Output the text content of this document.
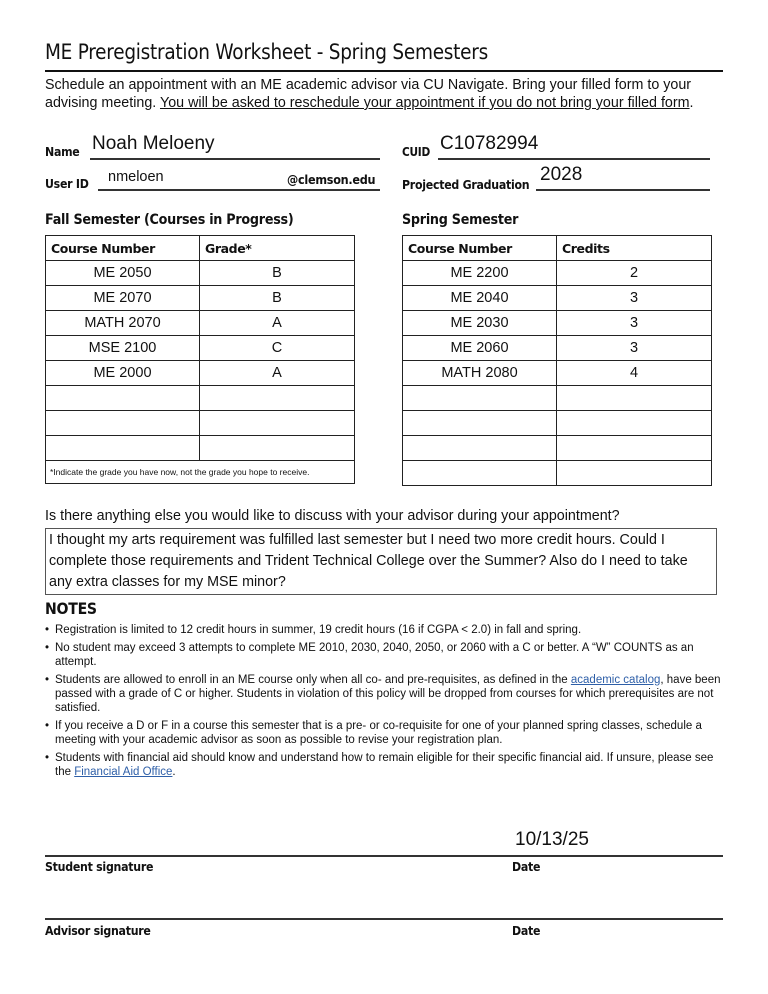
ME Preregistration Worksheet - Spring Semesters
Schedule an appointment with an ME academic advisor via CU Navigate. Bring your filled form to your advising meeting. You will be asked to reschedule your appointment if you do not bring your filled form.
Name Noah Meloeny	CUID C10782994
User ID nmeloen	@clemson.edu Projected Graduation 2028
Fall Semester (Courses in Progress)
Course Number	Grade*
ME 2050	B
ME 2070	B
MATH 2070	A
MSE 2100	C
ME 2000	A

*Indicate the grade you have now, not the grade you hope to receive.	
Spring Semester
Course Number	Credits
ME 2200	2
ME 2040	3
ME 2030	3
ME 2060	3
MATH 2080	4

Is there anything else you would like to discuss with your advisor during your appointment?
I thought my arts requirement was fulfilled last semester but I need two more credit hours. Could I complete those requirements and Trident Technical College over the Summer? Also do I need to take any extra classes for my MSE minor?
NOTES
• Registration is limited to 12 credit hours in summer, 19 credit hours (16 if CGPA < 2.0) in fall and spring.
• No student may exceed 3 attempts to complete ME 2010, 2030, 2040, 2050, or 2060 with a C or better. A “W” COUNTS as an attempt.
• Students are allowed to enroll in an ME course only when all co- and pre-requisites, as defined in the academic catalog, have been passed with a grade of C or higher. Students in violation of this policy will be dropped from courses for which prerequisites are not satisfied.
• If you receive a D or F in a course this semester that is a pre- or co-requisite for one of your planned spring classes, schedule a meeting with your academic advisor as soon as possible to revise your registration plan.
• Students with financial aid should know and understand how to remain eligible for their specific financial aid. If unsure, please see the Financial Aid Office.
10/13/25
Student signature	Date
Advisor signature	Date
